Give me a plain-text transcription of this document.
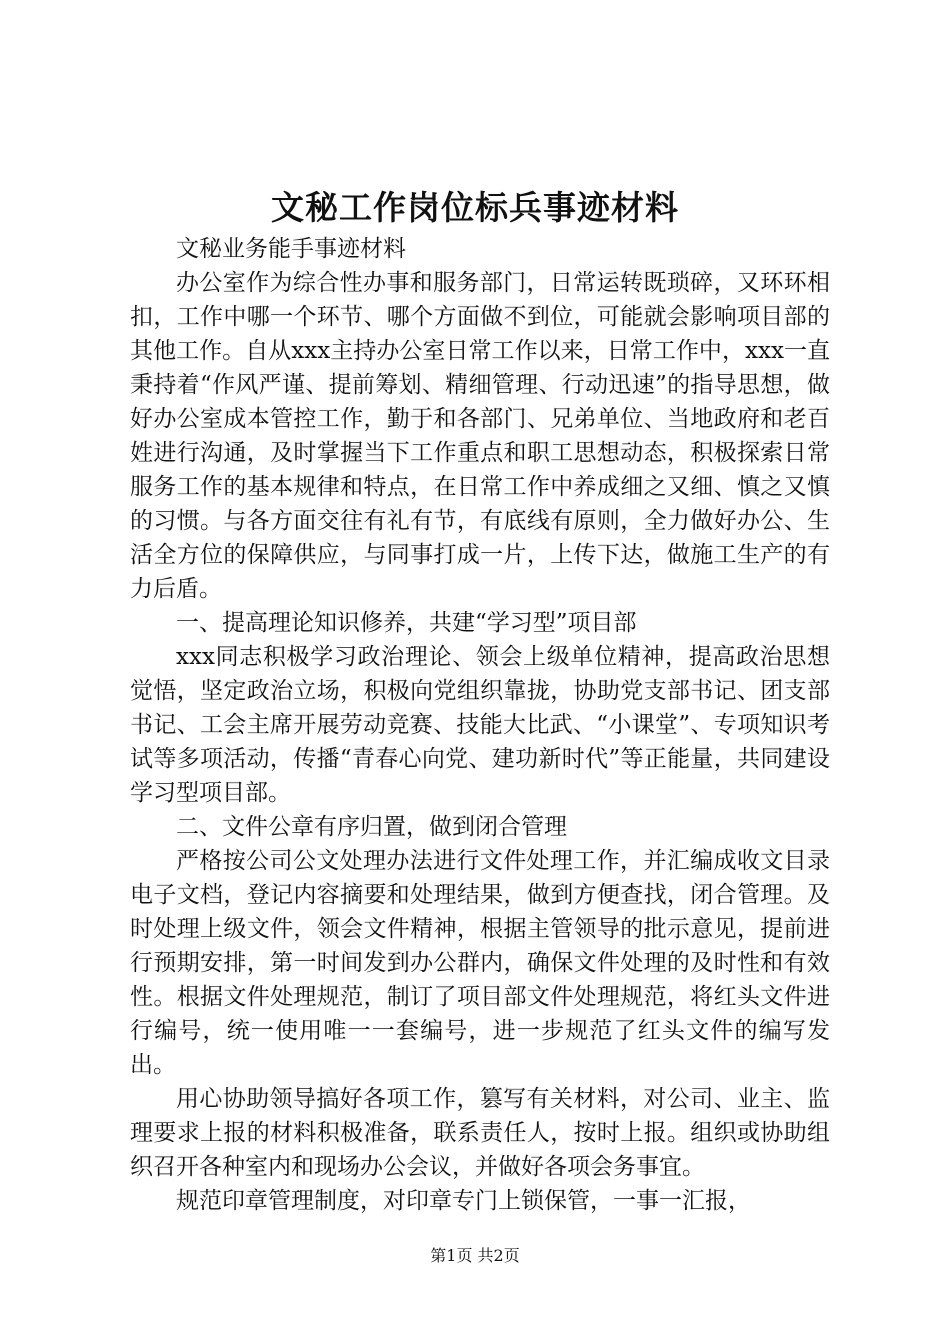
文秘工作岗位标兵事迹材料

文秘业务能手事迹材料

办公室作为综合性办事和服务部门，日常运转既琐碎，又环环相扣，工作中哪一个环节、哪个方面做不到位，可能就会影响项目部的其他工作。自从xxx主持办公室日常工作以来，日常工作中，xxx一直秉持着“作风严谨、提前筹划、精细管理、行动迅速”的指导思想，做好办公室成本管控工作，勤于和各部门、兄弟单位、当地政府和老百姓进行沟通，及时掌握当下工作重点和职工思想动态，积极探索日常服务工作的基本规律和特点，在日常工作中养成细之又细、慎之又慎的习惯。与各方面交往有礼有节，有底线有原则，全力做好办公、生活全方位的保障供应，与同事打成一片，上传下达，做施工生产的有力后盾。

一、提高理论知识修养，共建“学习型”项目部

xxx同志积极学习政治理论、领会上级单位精神，提高政治思想觉悟，坚定政治立场，积极向党组织靠拢，协助党支部书记、团支部书记、工会主席开展劳动竞赛、技能大比武、“小课堂”、专项知识考试等多项活动，传播“青春心向党、建功新时代”等正能量，共同建设学习型项目部。

二、文件公章有序归置，做到闭合管理

严格按公司公文处理办法进行文件处理工作，并汇编成收文目录电子文档，登记内容摘要和处理结果，做到方便查找，闭合管理。及时处理上级文件，领会文件精神，根据主管领导的批示意见，提前进行预期安排，第一时间发到办公群内，确保文件处理的及时性和有效性。根据文件处理规范，制订了项目部文件处理规范，将红头文件进行编号，统一使用唯一一套编号，进一步规范了红头文件的编写发出。

用心协助领导搞好各项工作，篡写有关材料，对公司、业主、监理要求上报的材料积极准备，联系责任人，按时上报。组织或协助组织召开各种室内和现场办公会议，并做好各项会务事宜。

规范印章管理制度，对印章专门上锁保管，一事一汇报，

第1页 共2页
